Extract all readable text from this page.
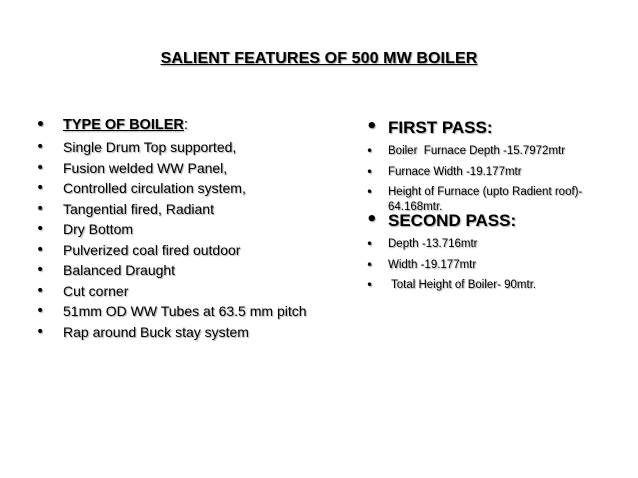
SALIENT FEATURES OF 500 MW BOILER
• TYPE OF BOILER:
• Single Drum Top supported,
• Fusion welded WW Panel,
• Controlled circulation system,
• Tangential fired, Radiant
• Dry Bottom
• Pulverized coal fired outdoor
• Balanced Draught
• Cut corner
• 51mm OD WW Tubes at 63.5 mm pitch
• Rap around Buck stay system
• FIRST PASS:
• Boiler  Furnace Depth -15.7972mtr
• Furnace Width -19.177mtr
• Height of Furnace (upto Radient roof)- 64.168mtr.
• SECOND PASS:
• Depth -13.716mtr
• Width -19.177mtr
• Total Height of Boiler- 90mtr.
